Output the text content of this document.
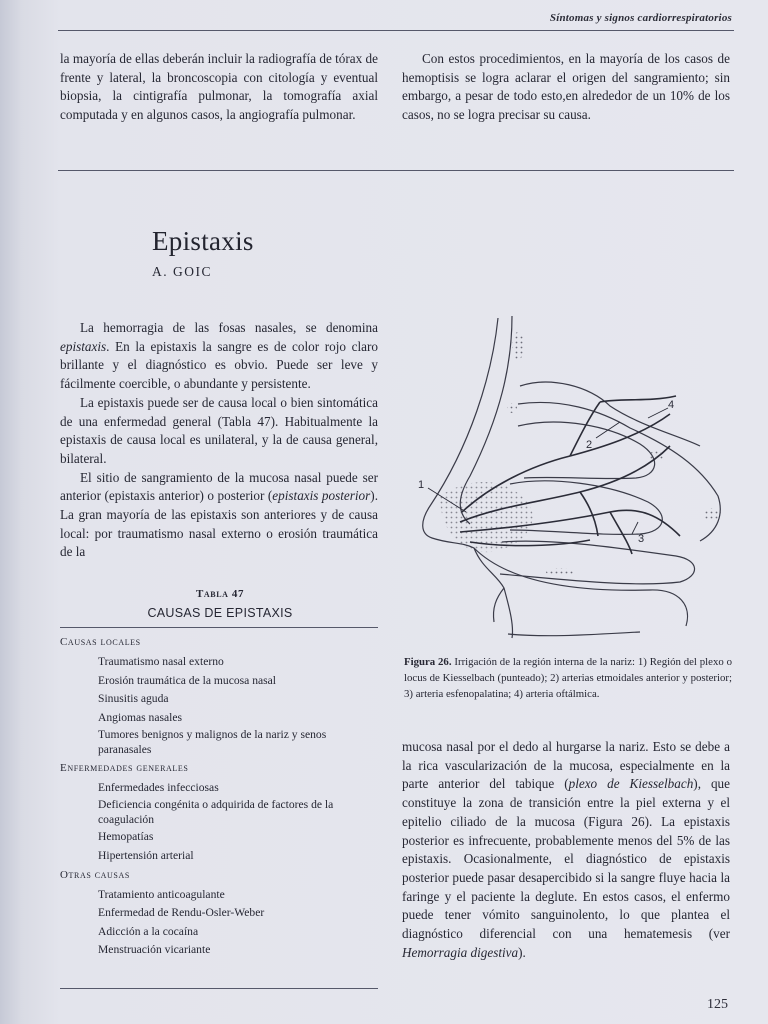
Síntomas y signos cardiorrespiratorios

la mayoría de ellas deberán incluir la radiografía de tórax de frente y lateral, la broncoscopia con citología y eventual biopsia, la cintigrafía pulmonar, la tomografía axial computada y en algunos casos, la angiografía pulmonar.

Con estos procedimientos, en la mayoría de los casos de hemoptisis se logra aclarar el origen del sangramiento; sin embargo, a pesar de todo esto,en alrededor de un 10% de los casos, no se logra precisar su causa.

Epistaxis
A. GOIC

La hemorragia de las fosas nasales, se denomina epistaxis. En la epistaxis la sangre es de color rojo claro brillante y el diagnóstico es obvio. Puede ser leve y fácilmente coercible, o abundante y persistente.

La epistaxis puede ser de causa local o bien sintomática de una enfermedad general (Tabla 47). Habitualmente la epistaxis de causa local es unilateral, y la de causa general, bilateral.

El sitio de sangramiento de la mucosa nasal puede ser anterior (epistaxis anterior) o posterior (epistaxis posterior). La gran mayoría de las epistaxis son anteriores y de causa local: por traumatismo nasal externo o erosión traumática de la

Tabla 47
CAUSAS DE EPISTAXIS
Causas locales
Traumatismo nasal externo
Erosión traumática de la mucosa nasal
Sinusitis aguda
Angiomas nasales
Tumores benignos y malignos de la nariz y senos paranasales
Enfermedades generales
Enfermedades infecciosas
Deficiencia congénita o adquirida de factores de la coagulación
Hemopatías
Hipertensión arterial
Otras causas
Tratamiento anticoagulante
Enfermedad de Rendu-Osler-Weber
Adicción a la cocaína
Menstruación vicariante
1
2
3
4
Figura 26. Irrigación de la región interna de la nariz: 1) Región del plexo o locus de Kiesselbach (punteado); 2) arterias etmoidales anterior y posterior; 3) arteria esfenopalatina; 4) arteria oftálmica.

mucosa nasal por el dedo al hurgarse la nariz. Esto se debe a la rica vascularización de la mucosa, especialmente en la parte anterior del tabique (plexo de Kiesselbach), que constituye la zona de transición entre la piel externa y el epitelio ciliado de la mucosa (Figura 26). La epistaxis posterior es infrecuente, probablemente menos del 5% de las epistaxis. Ocasionalmente, el diagnóstico de epistaxis posterior puede pasar desapercibido si la sangre fluye hacia la faringe y el paciente la deglute. En estos casos, el enfermo puede tener vómito sanguinolento, lo que plantea el diagnóstico diferencial con una hematemesis (ver Hemorragia digestiva).

125
